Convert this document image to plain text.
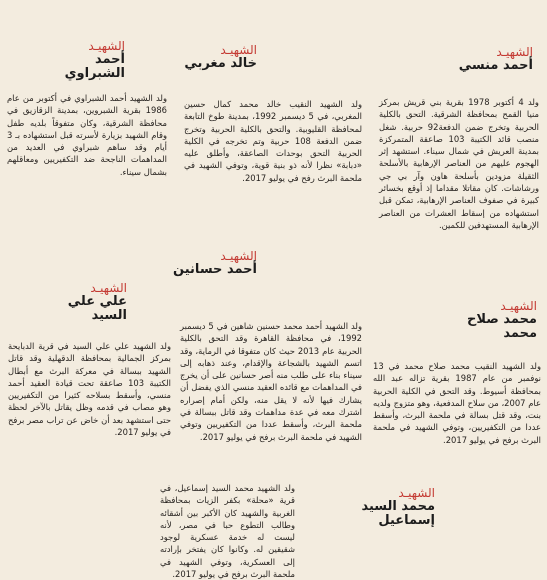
الشهيـد
أحمد منسي
ولد 4 أكتوبر 1978 بقرية بني قريش بمركز منيا القمح بمحافظة الشرقية. التحق بالكلية الحربية وتخرج ضمن الدفعة92 حربية. شغل منصب قائد الكتيبة 103 صاعقة المتمركزة بمدينة العريش في شمال سيناء. استشهد إثر الهجوم عليهم من العناصر الإرهابية بالأسلحة الثقيلة مزودين بأسلحة هاون وآر بي جي ورشاشات. كان مقاتلا مقداما إذ أوقع بخسائر كبيرة في صفوف العناصر الإرهابية، تمكن قبل استشهاده من إسقاط العشرات من العناصر الإرهابية المستهدفين للكمين.
الشهيـد
خالد مغربي
ولد الشهيد النقيب خالد محمد كمال حسين المغربي، في 5 ديسمبر 1992، بمدينة طوخ التابعة لمحافظة القليوبية. والتحق بالكلية الحربية وتخرج ضمن الدفعة 108 حربية وتم تخرجه في الكلية الحربية التحق بوحدات الصاعقة، وأطلق عليه «دبابة» نظرا لأنه ذو بنية قوية، وتوفي الشهيد في ملحمة البرث رفح في يوليو 2017.
الشهيـد
أحمد الشبراوي
ولد الشهيد أحمد الشبراوي في أكتوبر من عام 1986 بقرية الشبروين، بمدينة الزقازيق في محافظة الشرقية، وكان متفوقاً بلديه طفل وقام الشهيد بزيارة لأسرته قبل استشهاده بـ 3 أيام وقد ساهم شبراوي في العديد من المداهمات الناجحة ضد التكفيريين ومعاقلهم بشمال سيناء.
الشهيـد
محمد صلاح محمد
ولد الشهيد النقيب محمد صلاح محمد في 13 نوفمبر من عام 1987 بقرية تزاله عبد الله بمحافظة أسيوط. وقد التحق في الكلية الحربية عام 2007، من سلاح المدفعية، وهو متزوج ولديه بنت، وقد قتل بسالة في ملحمة البرث، وأسقط عددا من التكفيريين، وتوفي الشهيد في ملحمة البرث برفح في يوليو 2017.
الشهيـد
أحمد حسانين
ولد الشهيد أحمد محمد حسنين شاهين في 5 ديسمبر 1992، في محافظة القاهرة وقد التحق بالكلية الحربية عام 2013 حيث كان متفوقا في الرماية، وقد اتسم الشهيد بالشجاعة والإقدام، وعند ذهابه إلى سيناء بناء على طلب منه أصر حسانين على أن يخرج في المداهمات مع قائده العقيد منسي الذي يفضل أن يشارك فيها لأنه لا يقل منه، ولكن أمام إصراره اشترك معه في عدة مداهمات وقد قاتل ببسالة في ملحمة البرث، وأسقط عددا من التكفيريين وتوفي الشهيد في ملحمة البرث برفح في يوليو 2017.
الشهيـد
علي علي السيد
ولد الشهيد علي علي السيد في قرية الدبايحة بمركز الجمالية بمحافظة الدقهلية وقد قاتل الشهيد ببسالة في معركة البرث مع أبطال الكتيبة 103 صاعقة تحت قيادة العقيد أحمد منسي، وأسقط بسلاحه كثيرا من التكفيريين وهو مصاب في قدمه وظل يقاتل بالآخر لحظة حتى استشهد بعد أن خاض عن تراب مصر برفح في يوليو 2017.
الشهيـد
محمد السيد إسماعيل
ولد الشهيد محمد السيد إسماعيل، في قرية «محلة» بكفر الزيات بمحافظة الغربية والشهيد كان الأكبر بين أشقائه وطالب التطوع حبا في مصر، لأنه ليست له خدمة عسكرية لوجود شقيقين له. وكانوا كان يفتخر بإرادته إلى العسكرية، وتوفي الشهيد في ملحمة البرث برفح في يوليو 2017.
